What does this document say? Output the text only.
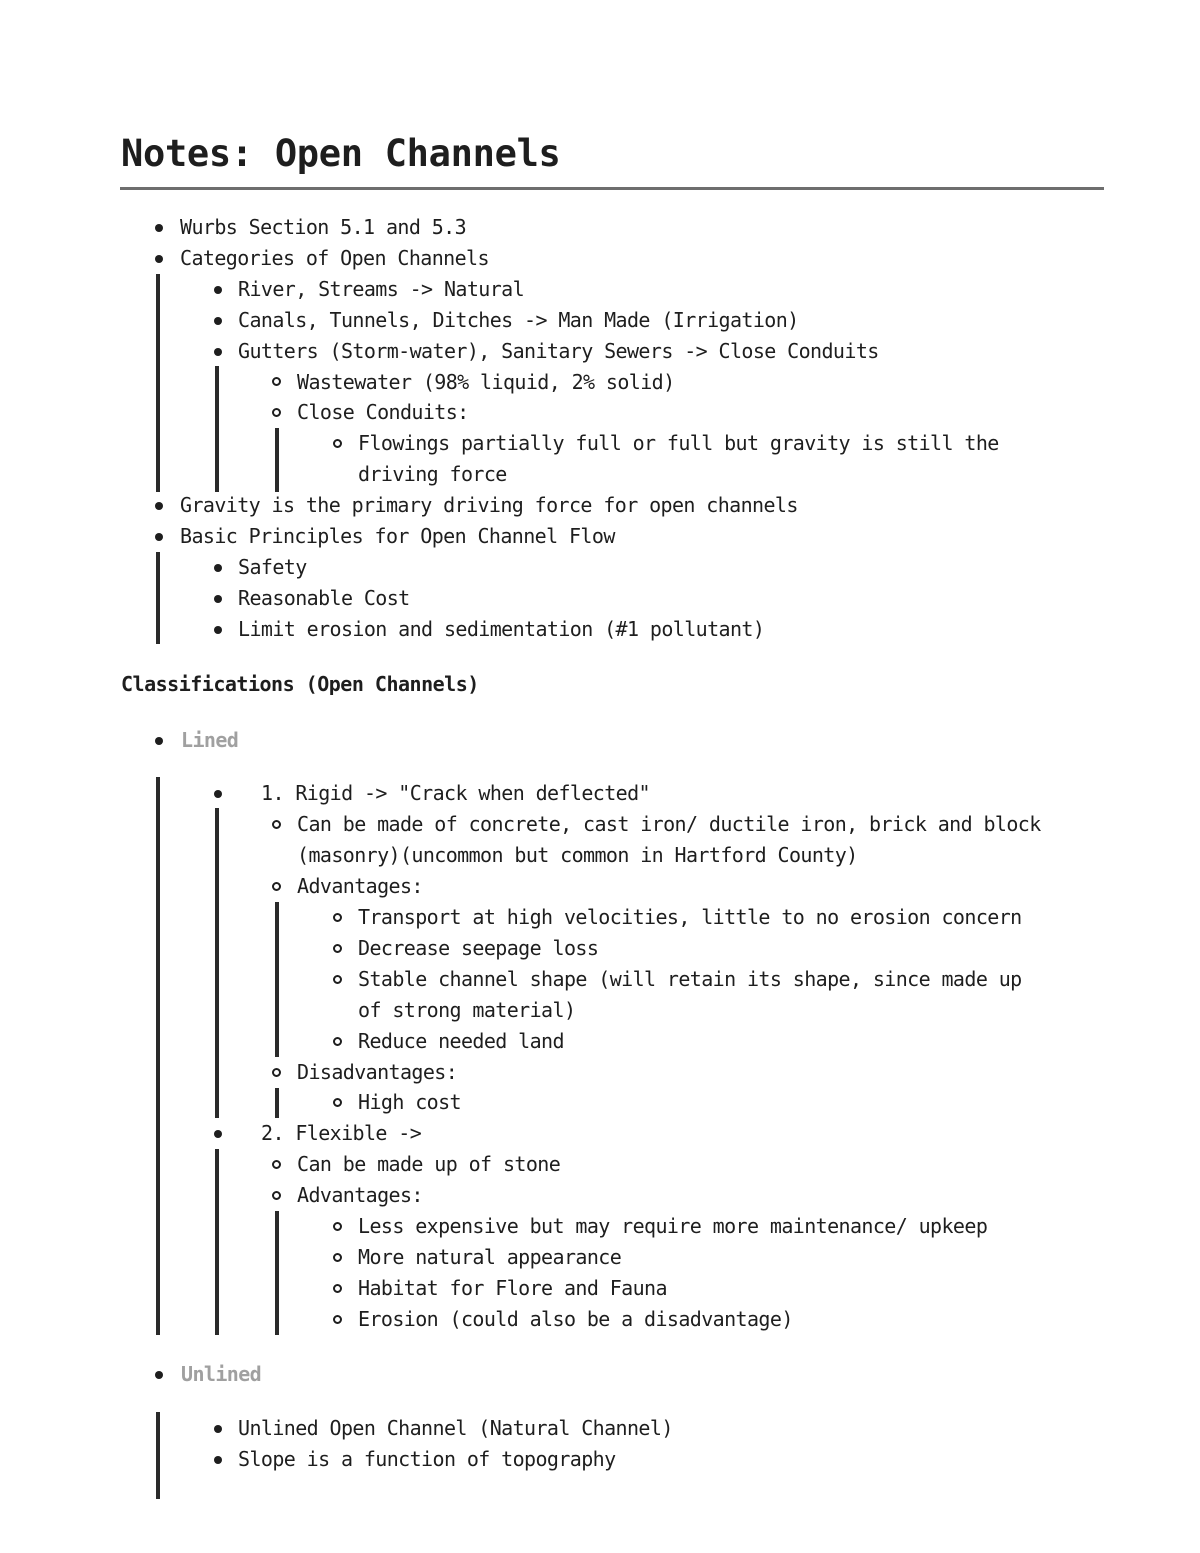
Notes: Open Channels
Wurbs Section 5.1 and 5.3
Categories of Open Channels
River, Streams -> Natural
Canals, Tunnels, Ditches -> Man Made (Irrigation)
Gutters (Storm-water), Sanitary Sewers -> Close Conduits
Wastewater (98% liquid, 2% solid)
Close Conduits:
Flowings partially full or full but gravity is still the
driving force
Gravity is the primary driving force for open channels
Basic Principles for Open Channel Flow
Safety
Reasonable Cost
Limit erosion and sedimentation (#1 pollutant)
Classifications (Open Channels)
Lined
1. Rigid -> "Crack when deflected"
Can be made of concrete, cast iron/ ductile iron, brick and block
(masonry)(uncommon but common in Hartford County)
Advantages:
Transport at high velocities, little to no erosion concern
Decrease seepage loss
Stable channel shape (will retain its shape, since made up
of strong material)
Reduce needed land
Disadvantages:
High cost
2. Flexible ->
Can be made up of stone
Advantages:
Less expensive but may require more maintenance/ upkeep
More natural appearance
Habitat for Flore and Fauna
Erosion (could also be a disadvantage)
Unlined
Unlined Open Channel (Natural Channel)
Slope is a function of topography
